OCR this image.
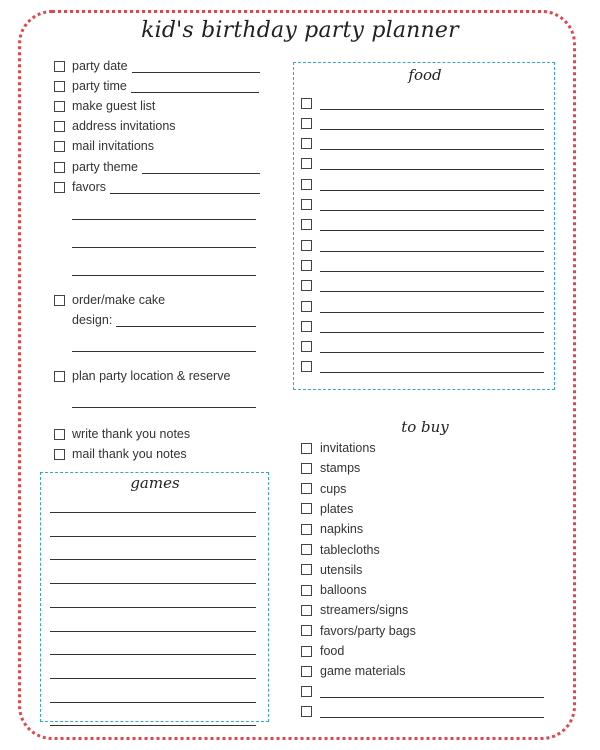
kid's birthday party planner
party date
party time
make guest list
address invitations
mail invitations
party theme
favors
order/make cake
design:
plan party location & reserve
write thank you notes
mail thank you notes
food
games
to buy
invitations
stamps
cups
plates
napkins
tablecloths
utensils
balloons
streamers/signs
favors/party bags
food
game materials
